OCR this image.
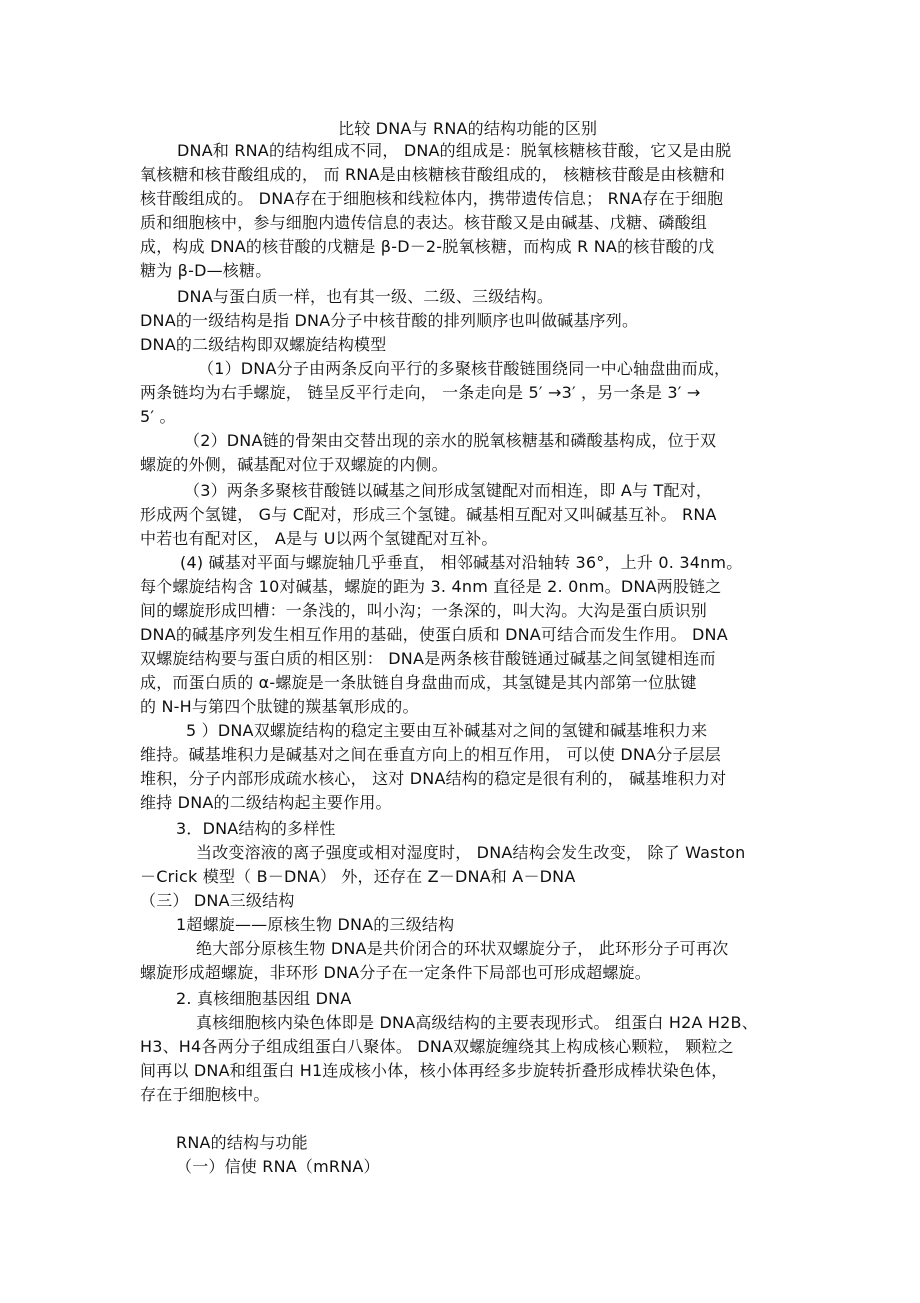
比较 DNA与 RNA的结构功能的区别
DNA和 RNA的结构组成不同， DNA的组成是：脱氧核糖核苷酸，它又是由脱
氧核糖和核苷酸组成的， 而 RNA是由核糖核苷酸组成的， 核糖核苷酸是由核糖和
核苷酸组成的。 DNA存在于细胞核和线粒体内，携带遗传信息； RNA存在于细胞
质和细胞核中，参与细胞内遗传信息的表达。核苷酸又是由碱基、戊糖、磷酸组
成，构成 DNA的核苷酸的戊糖是 β-D－2-脱氧核糖，而构成 R NA的核苷酸的戊
糖为 β-D—核糖。
DNA与蛋白质一样，也有其一级、二级、三级结构。
DNA的一级结构是指 DNA分子中核苷酸的排列顺序也叫做碱基序列。
DNA的二级结构即双螺旋结构模型
（1）DNA分子由两条反向平行的多聚核苷酸链围绕同一中心轴盘曲而成，
两条链均为右手螺旋， 链呈反平行走向， 一条走向是 5′ →3′ ，另一条是 3′ →
5′ 。
（2）DNA链的骨架由交替出现的亲水的脱氧核糖基和磷酸基构成，位于双
螺旋的外侧，碱基配对位于双螺旋的内侧。
（3）两条多聚核苷酸链以碱基之间形成氢键配对而相连，即 A与 T配对，
形成两个氢键， G与 C配对，形成三个氢键。碱基相互配对又叫碱基互补。 RNA
中若也有配对区， A是与 U以两个氢键配对互补。
(4) 碱基对平面与螺旋轴几乎垂直， 相邻碱基对沿轴转 36°，上升 0. 34nm。
每个螺旋结构含 10对碱基，螺旋的距为 3. 4nm 直径是 2. 0nm。DNA两股链之
间的螺旋形成凹槽：一条浅的，叫小沟；一条深的，叫大沟。大沟是蛋白质识别
DNA的碱基序列发生相互作用的基础，使蛋白质和 DNA可结合而发生作用。 DNA
双螺旋结构要与蛋白质的相区别： DNA是两条核苷酸链通过碱基之间氢键相连而
成，而蛋白质的 α-螺旋是一条肽链自身盘曲而成，其氢键是其内部第一位肽键
的 N-H与第四个肽键的羰基氧形成的。
5 ）DNA双螺旋结构的稳定主要由互补碱基对之间的氢键和碱基堆积力来
维持。碱基堆积力是碱基对之间在垂直方向上的相互作用， 可以使 DNA分子层层
堆积，分子内部形成疏水核心， 这对 DNA结构的稳定是很有利的， 碱基堆积力对
维持 DNA的二级结构起主要作用。
3．DNA结构的多样性
当改变溶液的离子强度或相对湿度时， DNA结构会发生改变， 除了 Waston
－Crick 模型（ B－DNA） 外，还存在 Z－DNA和 A－DNA
（三） DNA三级结构
1超螺旋——原核生物 DNA的三级结构
绝大部分原核生物 DNA是共价闭合的环状双螺旋分子， 此环形分子可再次
螺旋形成超螺旋，非环形 DNA分子在一定条件下局部也可形成超螺旋。
2. 真核细胞基因组 DNA
真核细胞核内染色体即是 DNA高级结构的主要表现形式。 组蛋白 H2A H2B、
H3、H4各两分子组成组蛋白八聚体。 DNA双螺旋缠绕其上构成核心颗粒， 颗粒之
间再以 DNA和组蛋白 H1连成核小体，核小体再经多步旋转折叠形成棒状染色体，
存在于细胞核中。
RNA的结构与功能
（一）信使 RNA（mRNA）
